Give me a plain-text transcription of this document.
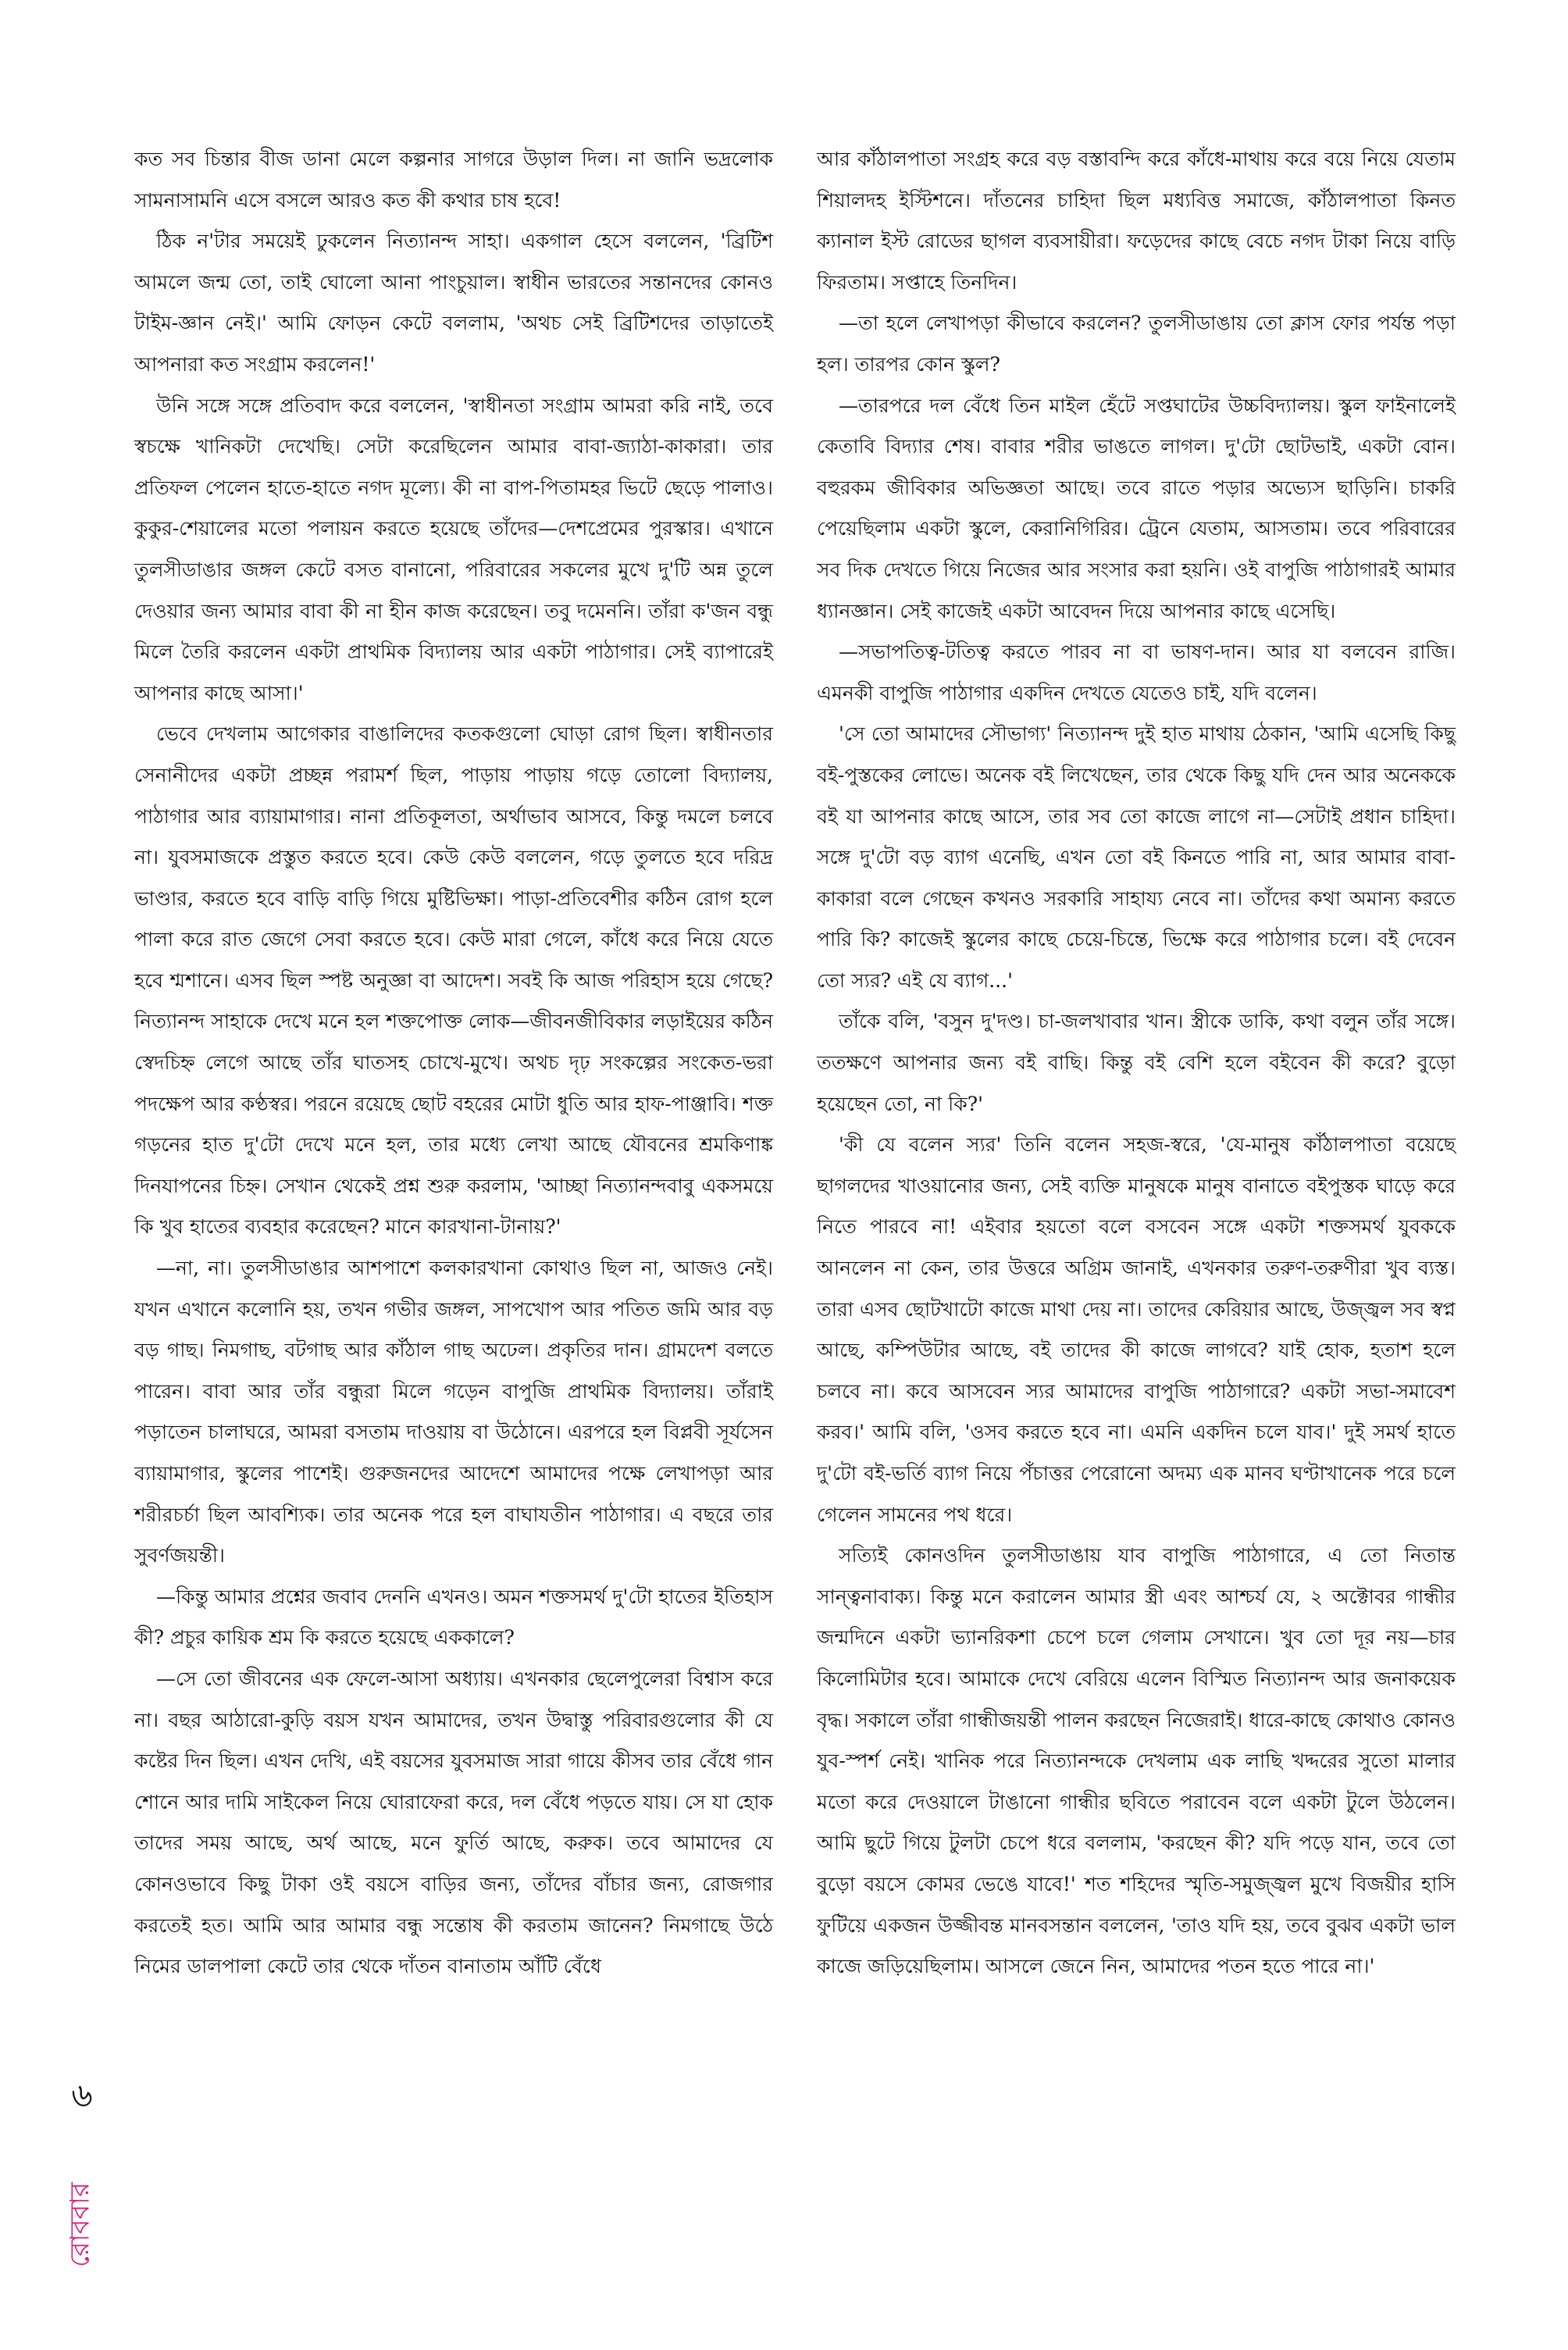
কত সব চিন্তার বীজ ডানা মেলে কল্পনার সাগরে উড়াল দিল। না জানি ভদ্রলোক সামনাসামনি এসে বসলে আরও কত কী কথার চাষ হবে!

ঠিক ন'টার সময়েই ঢুকলেন নিত্যানন্দ সাহা। একগাল হেসে বললেন, 'ব্রিটিশ আমলে জন্ম তো, তাই ঘোলো আনা পাংচুয়াল। স্বাধীন ভারতের সন্তানদের কোনও টাইম-জ্ঞান নেই।' আমি ফোড়ন কেটে বললাম, 'অথচ সেই ব্রিটিশদের তাড়াতেই আপনারা কত সংগ্রাম করলেন!'

উনি সঙ্গে সঙ্গে প্রতিবাদ করে বললেন, 'স্বাধীনতা সংগ্রাম আমরা করি নাই, তবে স্বচক্ষে খানিকটা দেখেছি। সেটা করেছিলেন আমার বাবা-জ্যাঠা-কাকারা। তার প্রতিফল পেলেন হাতে-হাতে নগদ মূল্যে। কী না বাপ-পিতামহর ভিটে ছেড়ে পালাও। কুকুর-শেয়ালের মতো পলায়ন করতে হয়েছে তাঁদের—দেশপ্রেমের পুরস্কার। এখানে তুলসীডাঙার জঙ্গল কেটে বসত বানানো, পরিবারের সকলের মুখে দু'টি অন্ন তুলে দেওয়ার জন্য আমার বাবা কী না হীন কাজ করেছেন। তবু দমেননি। তাঁরা ক'জন বন্ধু মিলে তৈরি করলেন একটা প্রাথমিক বিদ্যালয় আর একটা পাঠাগার। সেই ব্যাপারেই আপনার কাছে আসা।'

ভেবে দেখলাম আগেকার বাঙালিদের কতকগুলো ঘোড়া রোগ ছিল। স্বাধীনতার সেনানীদের একটা প্রচ্ছন্ন পরামর্শ ছিল, পাড়ায় পাড়ায় গড়ে তোলো বিদ্যালয়, পাঠাগার আর ব্যায়ামাগার। নানা প্রতিকূলতা, অর্থাভাব আসবে, কিন্তু দমলে চলবে না। যুবসমাজকে প্রস্তুত করতে হবে। কেউ কেউ বললেন, গড়ে তুলতে হবে দরিদ্র ভাণ্ডার, করতে হবে বাড়ি বাড়ি গিয়ে মুষ্টিভিক্ষা। পাড়া-প্রতিবেশীর কঠিন রোগ হলে পালা করে রাত জেগে সেবা করতে হবে। কেউ মারা গেলে, কাঁধে করে নিয়ে যেতে হবে শ্মশানে। এসব ছিল স্পষ্ট অনুজ্ঞা বা আদেশ। সবই কি আজ পরিহাস হয়ে গেছে? নিত্যানন্দ সাহাকে দেখে মনে হল শক্তপোক্ত লোক—জীবনজীবিকার লড়াইয়ের কঠিন স্বেদচিহ্ন লেগে আছে তাঁর ঘাতসহ চোখে-মুখে। অথচ দৃঢ় সংকল্পের সংকেত-ভরা পদক্ষেপ আর কণ্ঠস্বর। পরনে রয়েছে ছোট বহরের মোটা ধুতি আর হাফ-পাঞ্জাবি। শক্ত গড়নের হাত দু'টো দেখে মনে হল, তার মধ্যে লেখা আছে যৌবনের শ্রমকিণাঙ্ক দিনযাপনের চিহ্ন। সেখান থেকেই প্রশ্ন শুরু করলাম, 'আচ্ছা নিত্যানন্দবাবু একসময়ে কি খুব হাতের ব্যবহার করেছেন? মানে কারখানা-টানায়?'

—না, না। তুলসীডাঙার আশপাশে কলকারখানা কোথাও ছিল না, আজও নেই। যখন এখানে কলোনি হয়, তখন গভীর জঙ্গল, সাপখোপ আর পতিত জমি আর বড় বড় গাছ। নিমগাছ, বটগাছ আর কাঁঠাল গাছ অঢেল। প্রকৃতির দান। গ্রামদেশ বলতে পারেন। বাবা আর তাঁর বন্ধুরা মিলে গড়েন বাপুজি প্রাথমিক বিদ্যালয়। তাঁরাই পড়াতেন চালাঘরে, আমরা বসতাম দাওয়ায় বা উঠোনে। এরপরে হল বিপ্লবী সূর্যসেন ব্যায়ামাগার, স্কুলের পাশেই। গুরুজনদের আদেশে আমাদের পক্ষে লেখাপড়া আর শরীরচর্চা ছিল আবশ্যিক। তার অনেক পরে হল বাঘাযতীন পাঠাগার। এ বছরে তার সুবর্ণজয়ন্তী।

—কিন্তু আমার প্রশ্নের জবাব দেননি এখনও। অমন শক্তসমর্থ দু'টো হাতের ইতিহাস কী? প্রচুর কায়িক শ্রম কি করতে হয়েছে এককালে?

—সে তো জীবনের এক ফেলে-আসা অধ্যায়। এখনকার ছেলেপুলেরা বিশ্বাস করে না। বছর আঠারো-কুড়ি বয়স যখন আমাদের, তখন উদ্বাস্তু পরিবারগুলোর কী যে কষ্টের দিন ছিল। এখন দেখি, এই বয়সের যুবসমাজ সারা গায়ে কীসব তার বেঁধে গান শোনে আর দামি সাইকেল নিয়ে ঘোরাফেরা করে, দল বেঁধে পড়তে যায়। সে যা হোক তাদের সময় আছে, অর্থ আছে, মনে ফুর্তি আছে, করুক। তবে আমাদের যে কোনওভাবে কিছু টাকা ওই বয়সে বাড়ির জন্য, তাঁদের বাঁচার জন্য, রোজগার করতেই হত। আমি আর আমার বন্ধু সন্তোষ কী করতাম জানেন? নিমগাছে উঠে নিমের ডালপালা কেটে তার থেকে দাঁতন বানাতাম আঁটি বেঁধে

আর কাঁঠালপাতা সংগ্রহ করে বড় বস্তাবন্দি করে কাঁধে-মাথায় করে বয়ে নিয়ে যেতাম শিয়ালদহ ইস্টিশনে। দাঁতনের চাহিদা ছিল মধ্যবিত্ত সমাজে, কাঁঠালপাতা কিনত ক্যানাল ইস্ট রোডের ছাগল ব্যবসায়ীরা। ফড়েদের কাছে বেচে নগদ টাকা নিয়ে বাড়ি ফিরতাম। সপ্তাহে তিনদিন।

—তা হলে লেখাপড়া কীভাবে করলেন? তুলসীডাঙায় তো ক্লাস ফোর পর্যন্ত পড়া হল। তারপর কোন স্কুল?

—তারপরে দল বেঁধে তিন মাইল হেঁটে সপ্তঘাটের উচ্চবিদ্যালয়। স্কুল ফাইনালেই কেতাবি বিদ্যার শেষ। বাবার শরীর ভাঙতে লাগল। দু'টো ছোটভাই, একটা বোন। বহুরকম জীবিকার অভিজ্ঞতা আছে। তবে রাতে পড়ার অভ্যেস ছাড়িনি। চাকরি পেয়েছিলাম একটা স্কুলে, কেরানিগিরির। ট্রেনে যেতাম, আসতাম। তবে পরিবারের সব দিক দেখতে গিয়ে নিজের আর সংসার করা হয়নি। ওই বাপুজি পাঠাগারই আমার ধ্যানজ্ঞান। সেই কাজেই একটা আবেদন দিয়ে আপনার কাছে এসেছি।

—সভাপতিত্ব-টতিত্ব করতে পারব না বা ভাষণ-দান। আর যা বলবেন রাজি। এমনকী বাপুজি পাঠাগার একদিন দেখতে যেতেও চাই, যদি বলেন।

'সে তো আমাদের সৌভাগ্য' নিত্যানন্দ দুই হাত মাথায় ঠেকান, 'আমি এসেছি কিছু বই-পুস্তকের লোভে। অনেক বই লিখেছেন, তার থেকে কিছু যদি দেন আর অনেককে বই যা আপনার কাছে আসে, তার সব তো কাজে লাগে না—সেটাই প্রধান চাহিদা। সঙ্গে দু'টো বড় ব্যাগ এনেছি, এখন তো বই কিনতে পারি না, আর আমার বাবা-কাকারা বলে গেছেন কখনও সরকারি সাহায্য নেবে না। তাঁদের কথা অমান্য করতে পারি কি? কাজেই স্কুলের কাছে চেয়ে-চিন্তে, ভিক্ষে করে পাঠাগার চলে। বই দেবেন তো স্যর? এই যে ব্যাগ...'

তাঁকে বলি, 'বসুন দু'দণ্ড। চা-জলখাবার খান। স্ত্রীকে ডাকি, কথা বলুন তাঁর সঙ্গে। ততক্ষণে আপনার জন্য বই বাছি। কিন্তু বই বেশি হলে বইবেন কী করে? বুড়ো হয়েছেন তো, না কি?'

'কী যে বলেন স্যর' তিনি বলেন সহজ-স্বরে, 'যে-মানুষ কাঁঠালপাতা বয়েছে ছাগলদের খাওয়ানোর জন্য, সেই ব্যক্তি মানুষকে মানুষ বানাতে বইপুস্তক ঘাড়ে করে নিতে পারবে না! এইবার হয়তো বলে বসবেন সঙ্গে একটা শক্তসমর্থ যুবককে আনলেন না কেন, তার উত্তরে অগ্রিম জানাই, এখনকার তরুণ-তরুণীরা খুব ব্যস্ত। তারা এসব ছোটখাটো কাজে মাথা দেয় না। তাদের কেরিয়ার আছে, উজ্জ্বল সব স্বপ্ন আছে, কম্পিউটার আছে, বই তাদের কী কাজে লাগবে? যাই হোক, হতাশ হলে চলবে না। কবে আসবেন স্যর আমাদের বাপুজি পাঠাগারে? একটা সভা-সমাবেশ করব।' আমি বলি, 'ওসব করতে হবে না। এমনি একদিন চলে যাব।' দুই সমর্থ হাতে দু'টো বই-ভর্তি ব্যাগ নিয়ে পঁচাত্তর পেরোনো অদম্য এক মানব ঘণ্টাখানেক পরে চলে গেলেন সামনের পথ ধরে।

সত্যিই কোনওদিন তুলসীডাঙায় যাব বাপুজি পাঠাগারে, এ তো নিতান্ত সান্ত্বনাবাক্য। কিন্তু মনে করালেন আমার স্ত্রী এবং আশ্চর্য যে, ২ অক্টোবর গান্ধীর জন্মদিনে একটা ভ্যানরিকশা চেপে চলে গেলাম সেখানে। খুব তো দূর নয়—চার কিলোমিটার হবে। আমাকে দেখে বেরিয়ে এলেন বিস্মিত নিত্যানন্দ আর জনাকয়েক বৃদ্ধ। সকালে তাঁরা গান্ধীজয়ন্তী পালন করছেন নিজেরাই। ধারে-কাছে কোথাও কোনও যুব-স্পর্শ নেই। খানিক পরে নিত্যানন্দকে দেখলাম এক লাছি খদ্দরের সুতো মালার মতো করে দেওয়ালে টাঙানো গান্ধীর ছবিতে পরাবেন বলে একটা টুলে উঠলেন। আমি ছুটে গিয়ে টুলটা চেপে ধরে বললাম, 'করছেন কী? যদি পড়ে যান, তবে তো বুড়ো বয়সে কোমর ভেঙে যাবে!' শত শহিদের স্মৃতি-সমুজ্জ্বল মুখে বিজয়ীর হাসি ফুটিয়ে একজন উজ্জীবন্ত মানবসন্তান বললেন, 'তাও যদি হয়, তবে বুঝব একটা ভাল কাজে জড়িয়েছিলাম। আসলে জেনে নিন, আমাদের পতন হতে পারে না।'

৬
রোববার
